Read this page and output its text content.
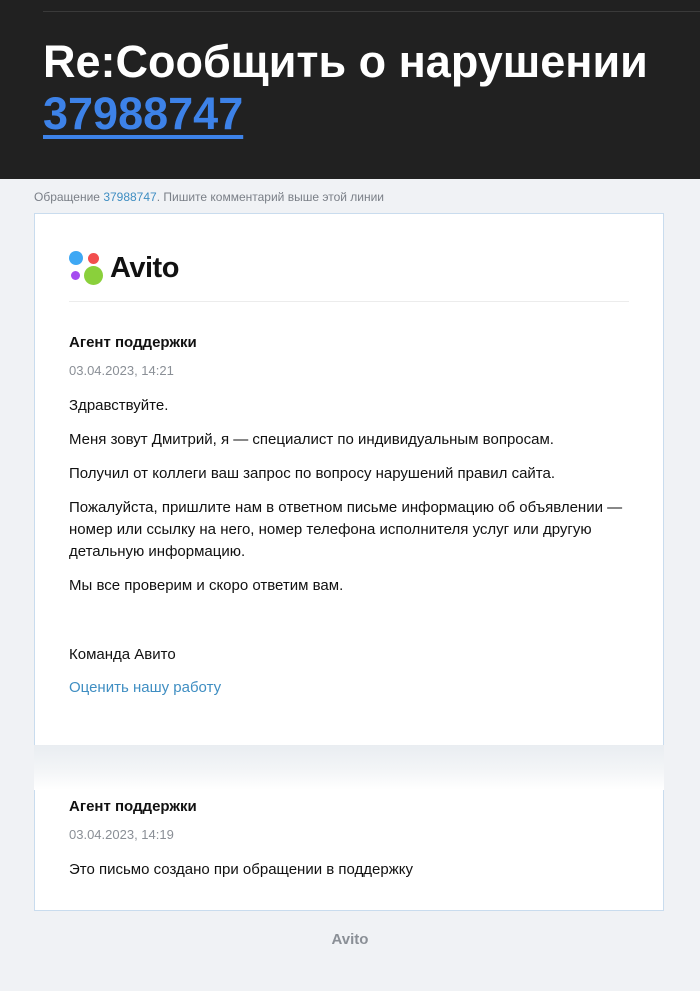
Re:Сообщить о нарушении 37988747
Обращение 37988747. Пишите комментарий выше этой линии
Avito
Агент поддержки
03.04.2023, 14:21
Здравствуйте.
Меня зовут Дмитрий, я — специалист по индивидуальным вопросам.
Получил от коллеги ваш запрос по вопросу нарушений правил сайта.
Пожалуйста, пришлите нам в ответном письме информацию об объявлении — номер или ссылку на него, номер телефона исполнителя услуг или другую детальную информацию.
Мы все проверим и скоро ответим вам.
Команда Авито
Оценить нашу работу
Агент поддержки
03.04.2023, 14:19
Это письмо создано при обращении в поддержку
Avito
